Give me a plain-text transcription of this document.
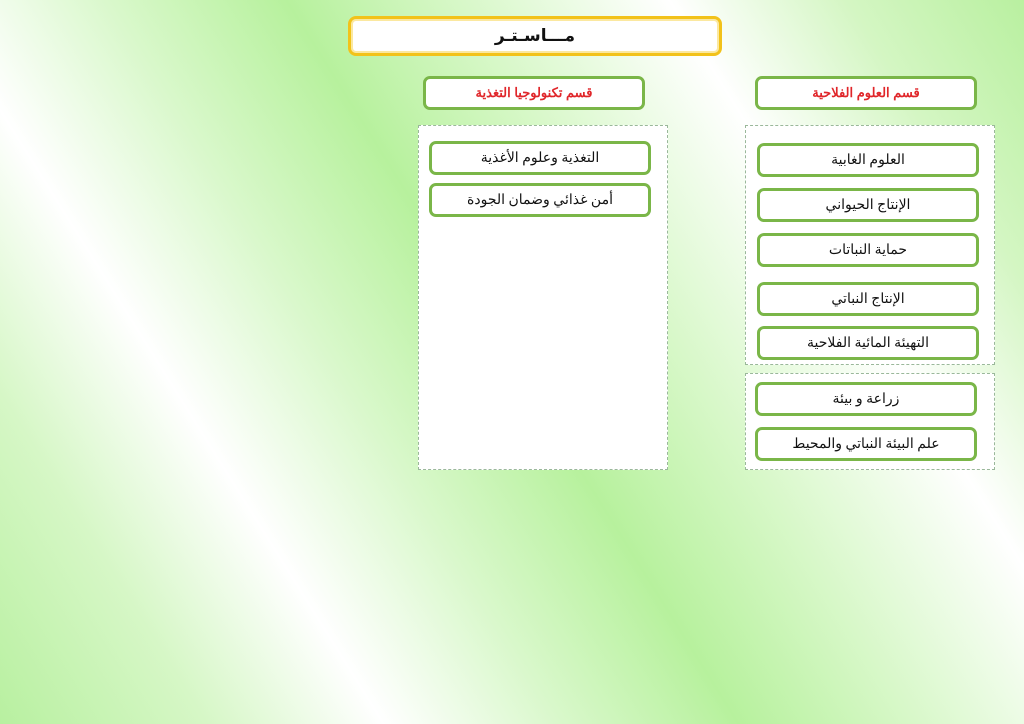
مـــاسـتـر
قسم العلوم الفلاحية
العلوم الغابية
الإنتاج الحيواني
حماية النباتات
الإنتاج النباتي
التهيئة المائية الفلاحية
زراعة و بيئة
علم البيئة النباتي والمحيط
قسم تكنولوجيا التغذية
التغذية وعلوم الأغذية
أمن غذائي وضمان الجودة
